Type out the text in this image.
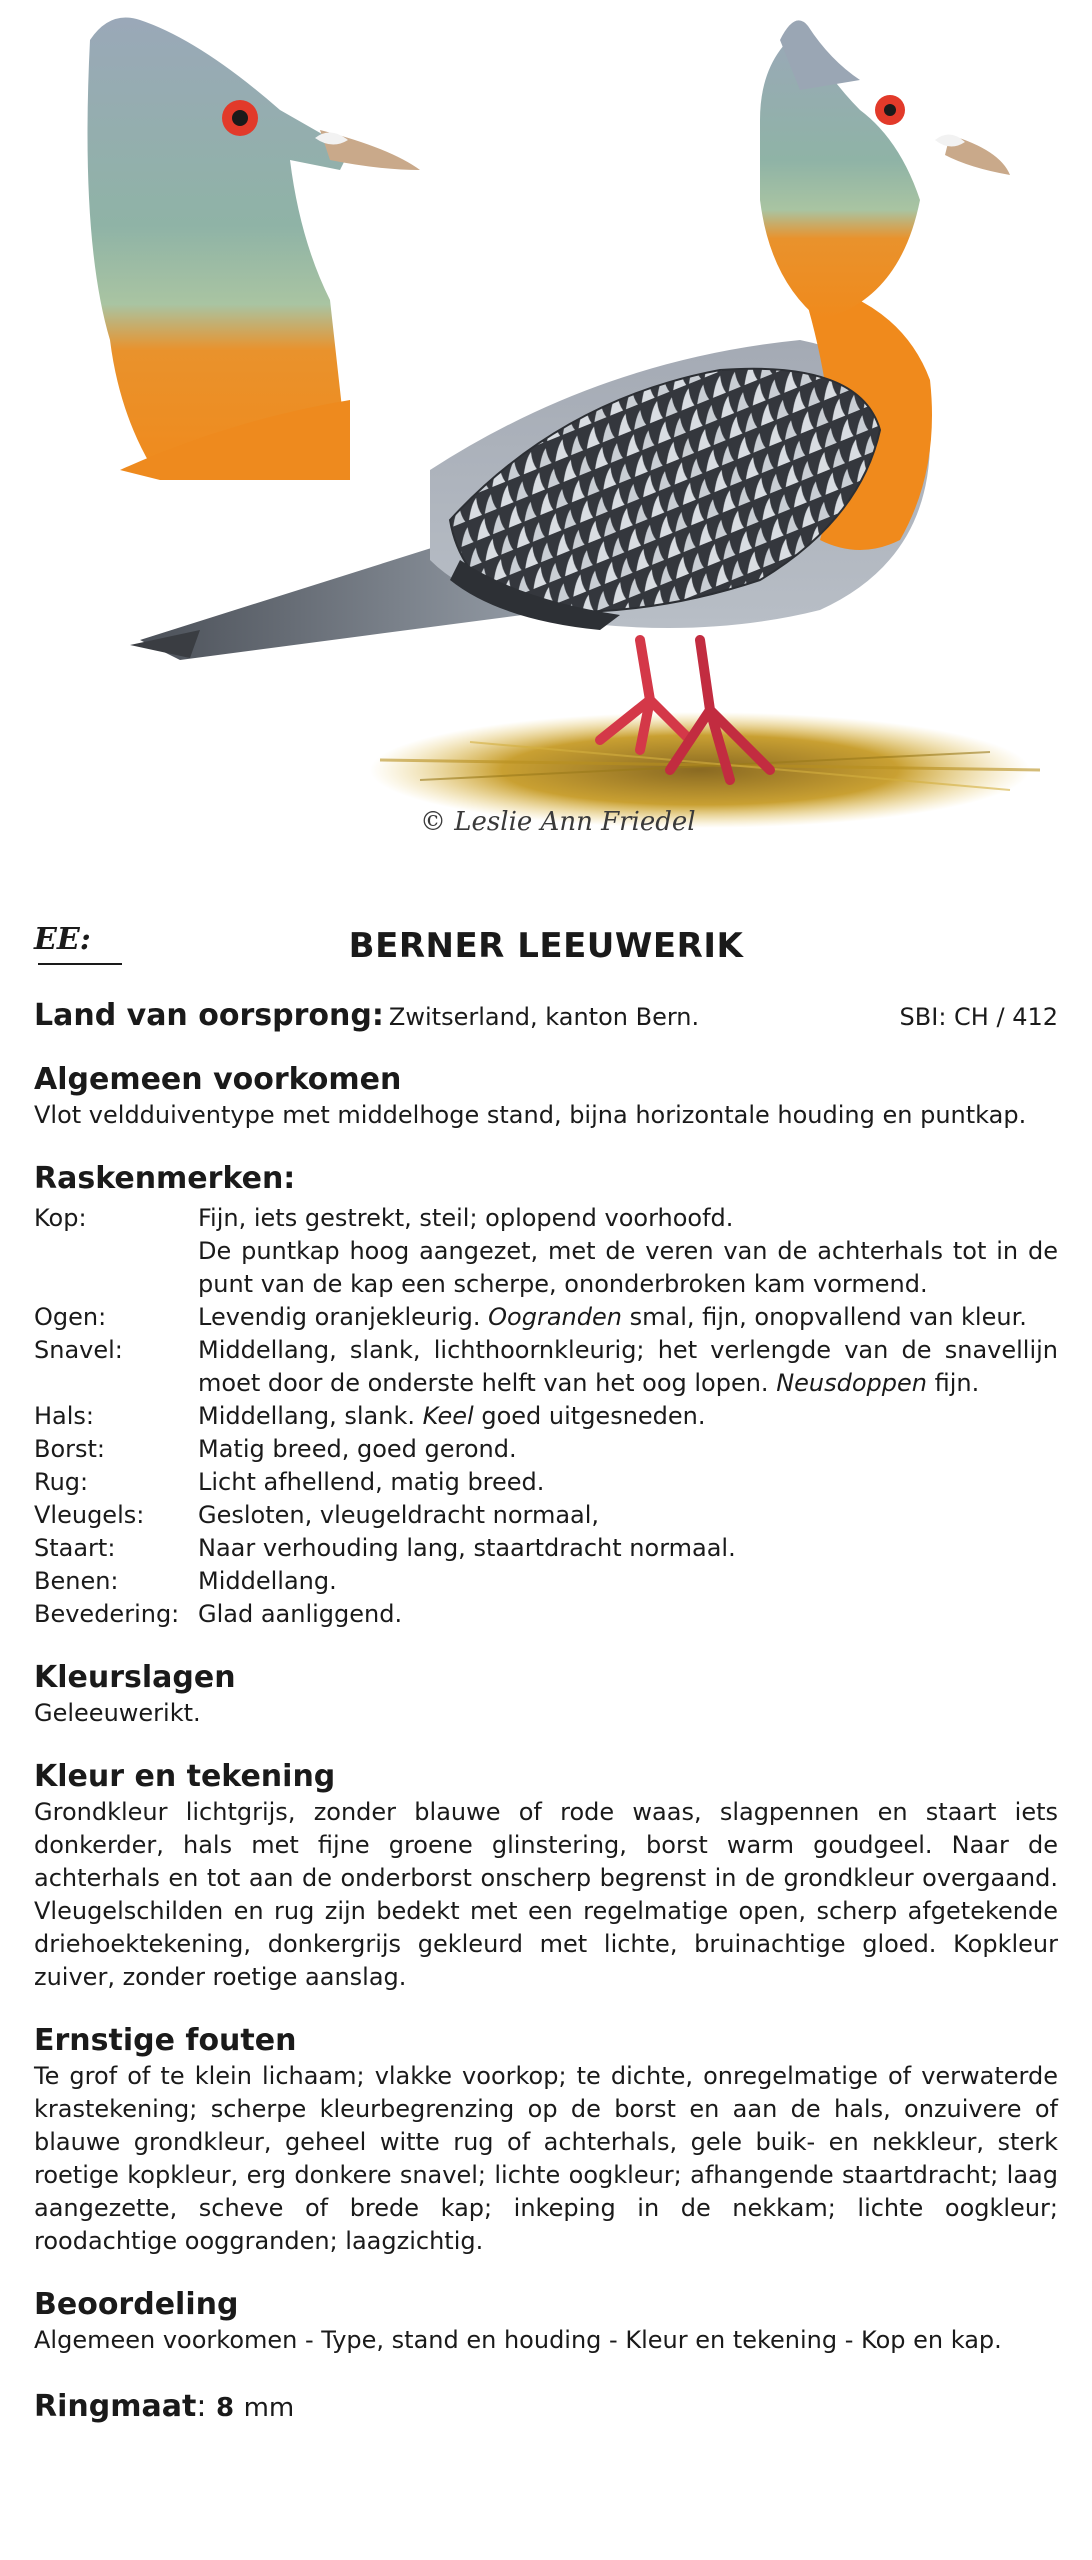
© Leslie Ann Friedel
EE:	BERNER LEEUWERIK
Land van oorsprong: Zwitserland, kanton Bern.	SBI: CH / 412
Algemeen voorkomen

Vlot veldduiventype met middelhoge stand, bijna horizontale houding en puntkap.

Raskenmerken:
Kop:	Fijn, iets gestrekt, steil; oplopend voorhoofd.
De puntkap hoog aangezet, met de veren van de achterhals tot in de punt van de kap een scherpe, ononderbroken kam vormend.
Ogen:	Levendig oranjekleurig. Oogranden smal, fijn, onopvallend van kleur.
Snavel:	Middellang, slank, lichthoornkleurig; het verlengde van de snavellijn moet door de onderste helft van het oog lopen. Neusdoppen fijn.
Hals:	Middellang, slank. Keel goed uitgesneden.
Borst:	Matig breed, goed gerond.
Rug:	Licht afhellend, matig breed.
Vleugels:	Gesloten, vleugeldracht normaal,
Staart:	Naar verhouding lang, staartdracht normaal.
Benen:	Middellang.
Bevedering: Glad aanliggend.
Kleurslagen

Geleeuwerikt.

Kleur en tekening

Grondkleur lichtgrijs, zonder blauwe of rode waas, slagpennen en staart iets donkerder, hals met fijne groene glinstering, borst warm goudgeel. Naar de achterhals en tot aan de onderborst onscherp begrenst in de grondkleur overgaand. Vleugelschilden en rug zijn bedekt met een regelmatige open, scherp afgetekende driehoektekening, donkergrijs gekleurd met lichte, bruinachtige gloed. Kopkleur zuiver, zonder roetige aanslag.

Ernstige fouten

Te grof of te klein lichaam; vlakke voorkop; te dichte, onregelmatige of verwaterde krastekening; scherpe kleurbegrenzing op de borst en aan de hals, onzuivere of blauwe grondkleur, geheel witte rug of achterhals, gele buik- en nekkleur, sterk roetige kopkleur, erg donkere snavel; lichte oogkleur; afhangende staartdracht; laag aangezette, scheve of brede kap; inkeping in de nekkam; lichte oogkleur; roodachtige ooggranden; laagzichtig.

Beoordeling

Algemeen voorkomen - Type, stand en houding - Kleur en tekening - Kop en kap.

Ringmaat: 8 mm
